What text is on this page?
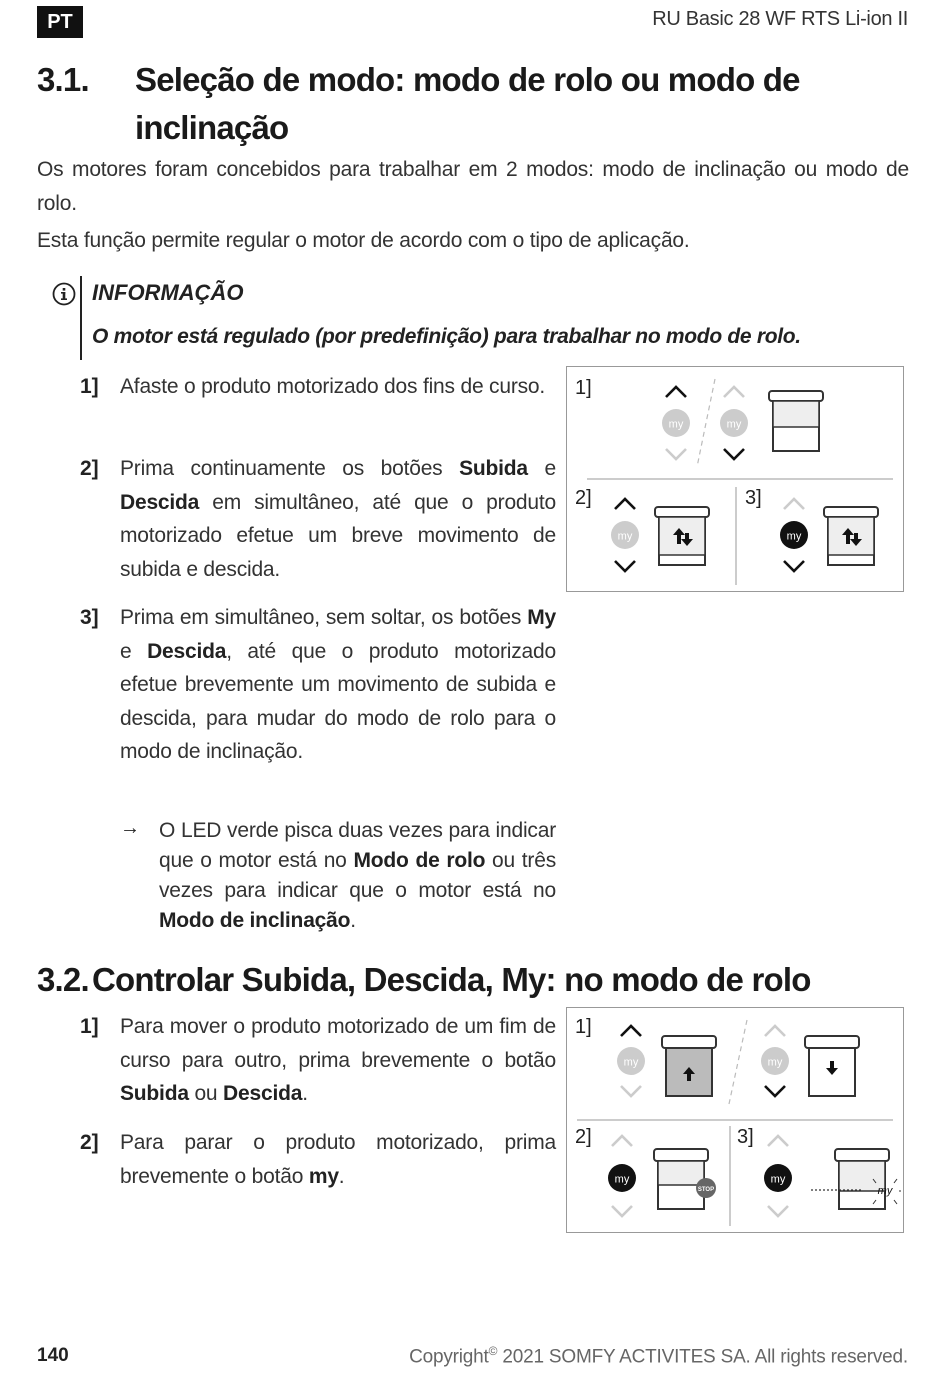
PT	RU Basic 28 WF RTS Li-ion II
3.1. Seleção de modo: modo de rolo ou modo de
inclinação

Os motores foram concebidos para trabalhar em 2 modos: modo de inclinação ou modo de rolo.

Esta função permite regular o motor de acordo com o tipo de aplicação.

INFORMAÇÃO
O motor está regulado (por predefinição) para trabalhar no modo de rolo.
1] Afaste o produto motorizado dos fins de curso.
2] Prima continuamente os botões Subida e Descida em simultâneo, até que o produto motorizado efetue um breve movimento de subida e descida.
3] Prima em simultâneo, sem soltar, os botões My e Descida, até que o produto motorizado efetue brevemente um movimento de subida e descida, para mudar do modo de rolo para o modo de inclinação.
→ O LED verde pisca duas vezes para indicar que o motor está no Modo de rolo ou três vezes para indicar que o motor está no Modo de inclinação.
my	my
my	my
1]
2]	3]
3.2.Controlar Subida, Descida, My: no modo de rolo
1] Para mover o produto motorizado de um fim de curso para outro, prima brevemente o botão Subida ou Descida.
2] Para parar o produto motorizado, prima brevemente o botão my.
my	my
my
STOP
my
my
1]
2]	3]
140	Copyright© 2021 SOMFY ACTIVITES SA. All rights reserved.
